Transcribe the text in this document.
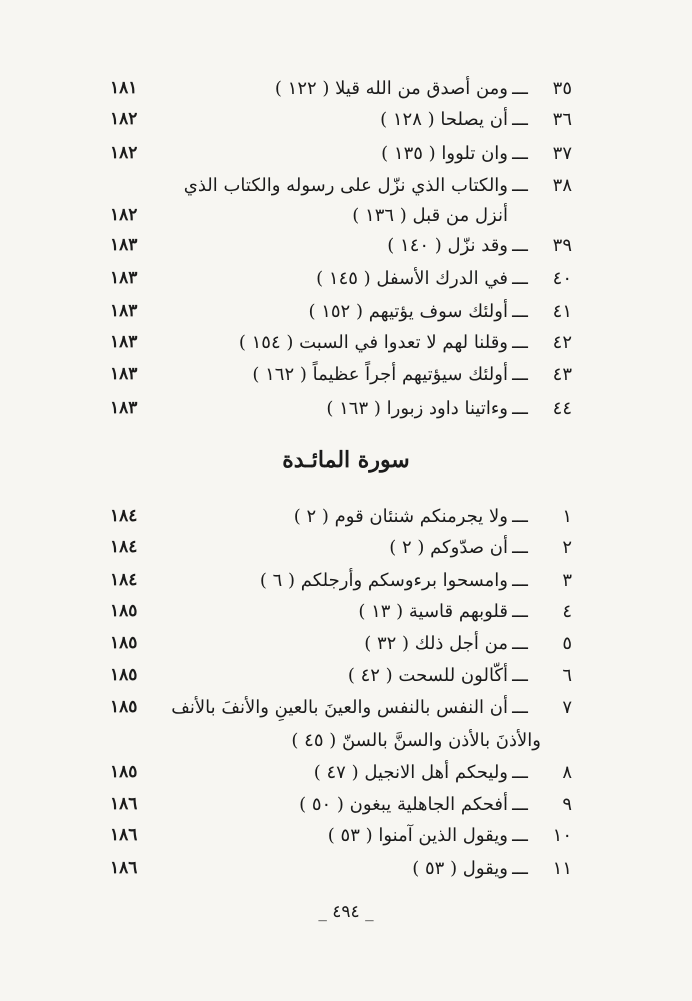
٣٥
ـــ
ومن أصدق من الله قيلا ( ١٢٢ )
١٨١
٣٦
ـــ
أن يصلحا ( ١٢٨ )
١٨٢
٣٧
ـــ
وان تلووا ( ١٣٥ )
١٨٢
٣٨
ـــ
والكتاب الذي نزّل على رسوله والكتاب الذي
أنزل من قبل ( ١٣٦ )
١٨٢
٣٩
ـــ
وقد نزّل ( ١٤٠ )
١٨٣
٤٠
ـــ
في الدرك الأسفل ( ١٤٥ )
١٨٣
٤١
ـــ
أولئك سوف يؤتيهم ( ١٥٢ )
١٨٣
٤٢
ـــ
وقلنا لهم لا تعدوا في السبت ( ١٥٤ )
١٨٣
٤٣
ـــ
أولئك سيؤتيهم أجراً عظيماً ( ١٦٢ )
١٨٣
٤٤
ـــ
وءاتينا داود زبورا ( ١٦٣ )
١٨٣
سورة المائـدة
١
ـــ
ولا يجرمنكم شنئان قوم ( ٢ )
١٨٤
٢
ـــ
أن صدّوكم ( ٢ )
١٨٤
٣
ـــ
وامسحوا برءوسكم وأرجلكم ( ٦ )
١٨٤
٤
ـــ
قلوبهم قاسية ( ١٣ )
١٨٥
٥
ـــ
من أجل ذلك ( ٣٢ )
١٨٥
٦
ـــ
أكّالون للسحت ( ٤٢ )
١٨٥
٧
ـــ
أن النفس بالنفس والعينَ بالعينِ والأنفَ بالأنف
١٨٥
والأذنَ بالأذن والسنَّ بالسنّ ( ٤٥ )
٨
ـــ
وليحكم أهل الانجيل ( ٤٧ )
١٨٥
٩
ـــ
أفحكم الجاهلية يبغون ( ٥٠ )
١٨٦
١٠
ـــ
ويقول الذين آمنوا ( ٥٣ )
١٨٦
١١
ـــ
ويقول ( ٥٣ )
١٨٦
_ ٤٩٤ _
